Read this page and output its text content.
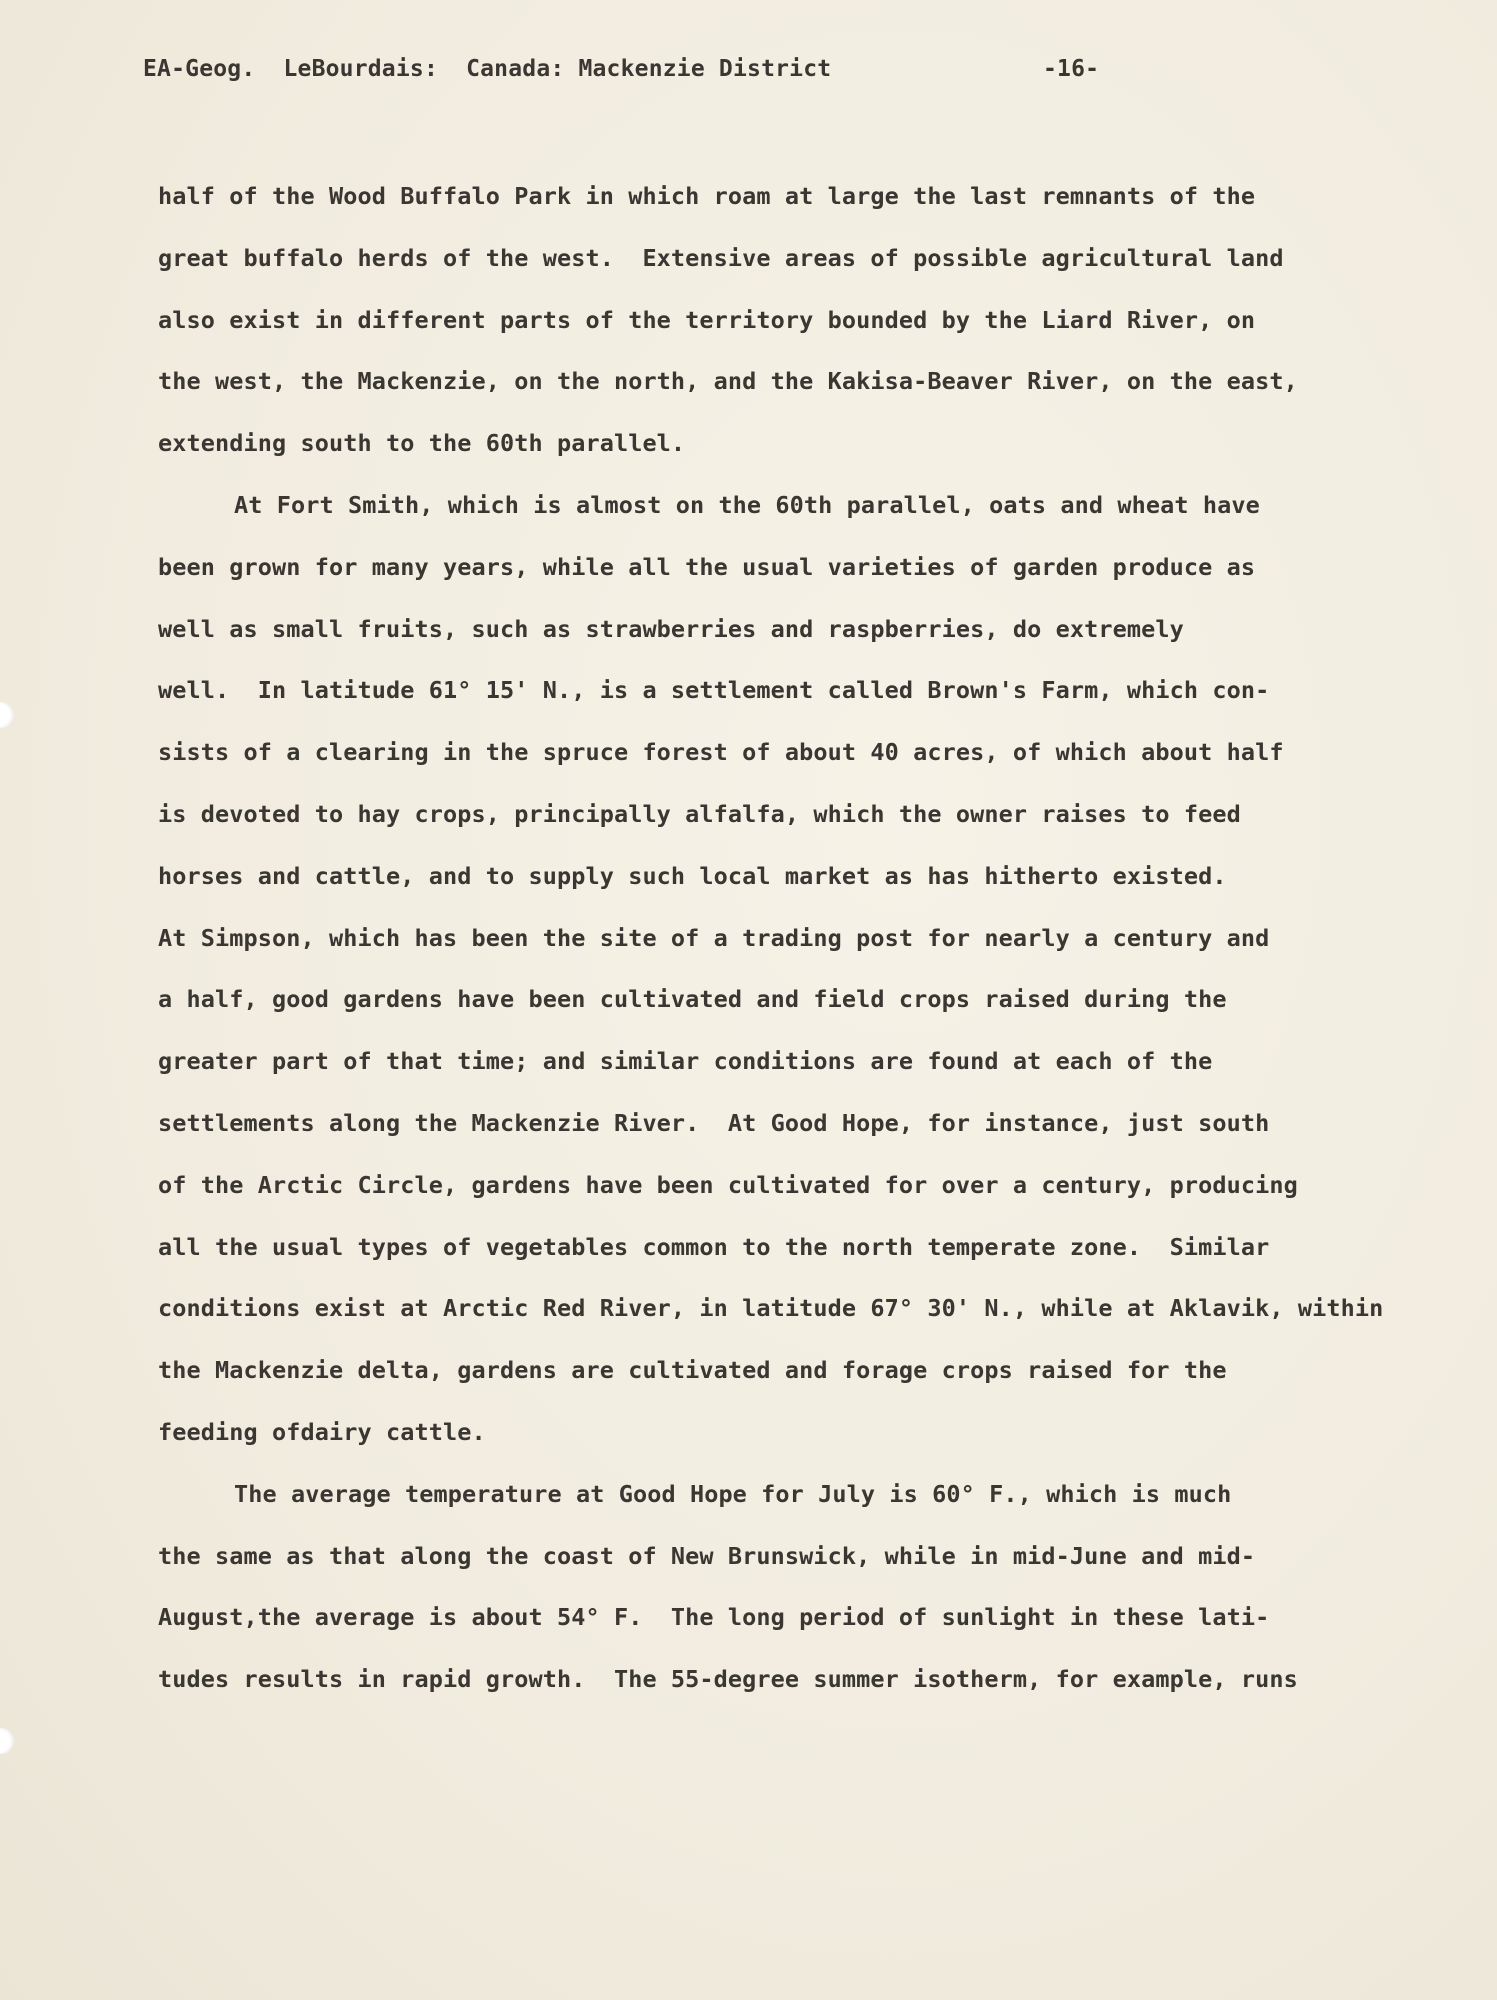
EA-Geog.  LeBourdais:  Canada: Mackenzie District

	-16-

half of the Wood Buffalo Park in which roam at large the last remnants of the
great buffalo herds of the west.  Extensive areas of possible agricultural land
also exist in different parts of the territory bounded by the Liard River, on
the west, the Mackenzie, on the north, and the Kakisa-Beaver River, on the east,
extending south to the 60th parallel.
At Fort Smith, which is almost on the 60th parallel, oats and wheat have
been grown for many years, while all the usual varieties of garden produce as
well as small fruits, such as strawberries and raspberries, do extremely
well.  In latitude 61° 15' N., is a settlement called Brown's Farm, which con-
sists of a clearing in the spruce forest of about 40 acres, of which about half
is devoted to hay crops, principally alfalfa, which the owner raises to feed
horses and cattle, and to supply such local market as has hitherto existed.
At Simpson, which has been the site of a trading post for nearly a century and
a half, good gardens have been cultivated and field crops raised during the
greater part of that time; and similar conditions are found at each of the
settlements along the Mackenzie River.  At Good Hope, for instance, just south
of the Arctic Circle, gardens have been cultivated for over a century, producing
all the usual types of vegetables common to the north temperate zone.  Similar
conditions exist at Arctic Red River, in latitude 67° 30' N., while at Aklavik, within
the Mackenzie delta, gardens are cultivated and forage crops raised for the
feeding ofdairy cattle.
The average temperature at Good Hope for July is 60° F., which is much
the same as that along the coast of New Brunswick, while in mid-June and mid-
August,the average is about 54° F.  The long period of sunlight in these lati-
tudes results in rapid growth.  The 55-degree summer isotherm, for example, runs
